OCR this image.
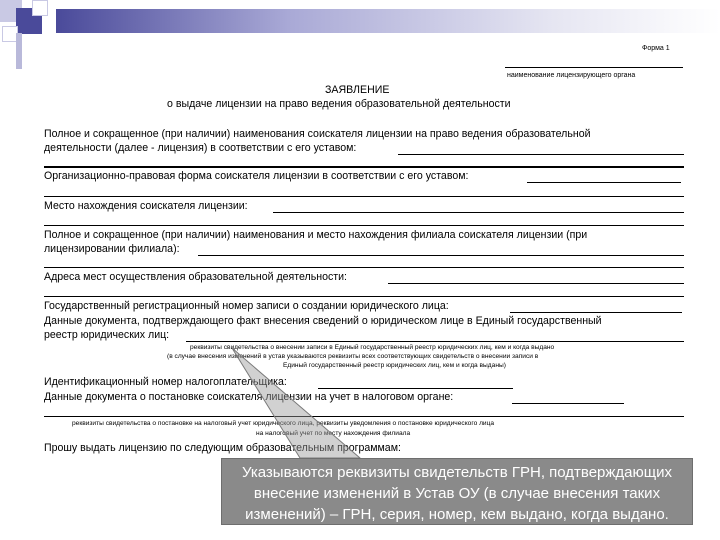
Форма 1
наименование лицензирующего органа
ЗАЯВЛЕНИЕ
о выдаче лицензии на право ведения образовательной деятельности
Полное и сокращенное (при наличии) наименования соискателя лицензии на право ведения образовательной
деятельности (далее - лицензия) в соответствии с его уставом:
Организационно-правовая форма соискателя лицензии в соответствии с его уставом:
Место нахождения соискателя лицензии:
Полное и сокращенное (при наличии) наименования и место нахождения филиала соискателя лицензии (при
лицензировании филиала):
Адреса мест осуществления образовательной деятельности:
Государственный регистрационный номер записи о создании юридического лица:
Данные документа, подтверждающего факт внесения сведений о юридическом лице в Единый государственный
реестр юридических лиц:
реквизиты свидетельства о внесении записи в Единый государственный реестр юридических лиц, кем и когда выдано
(в случае внесения изменений в устав указываются реквизиты всех соответствующих свидетельств о внесении записи в
Единый государственный реестр юридических лиц, кем и когда выданы)
Идентификационный номер налогоплательщика:
Данные документа о постановке соискателя лицензии на учет в налоговом органе:
реквизиты свидетельства о постановке на налоговый учет юридического лица, реквизиты уведомления о постановке юридического лица
на налоговый учет по месту нахождения филиала
Прошу выдать лицензию по следующим образовательным программам:
Указываются реквизиты свидетельств ГРН, подтверждающих
внесение изменений в Устав ОУ (в случае внесения таких
изменений) – ГРН, серия, номер, кем выдано, когда выдано.
